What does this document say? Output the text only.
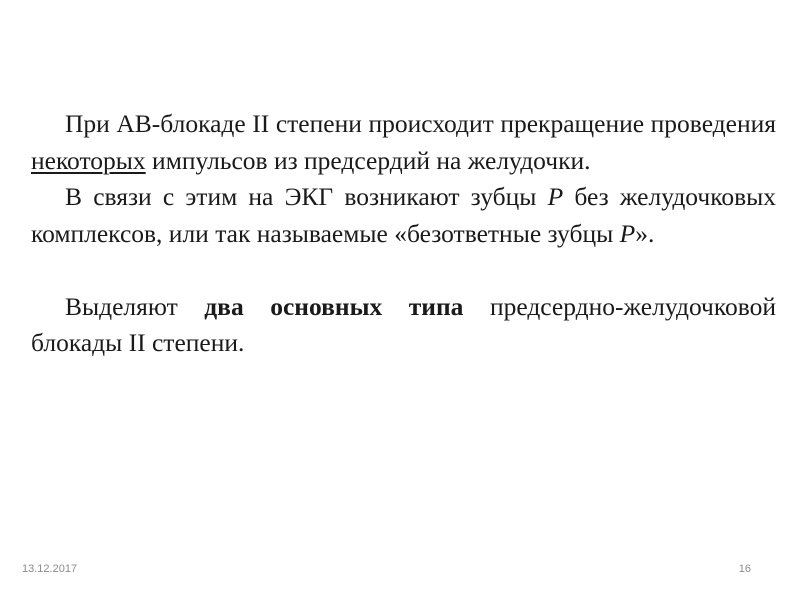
При АВ-блокаде II степени происходит прекращение проведения некоторых импульсов из предсердий на желудочки.

В связи с этим на ЭКГ возникают зубцы Р без желудочковых комплексов, или так называемые «безответные зубцы Р».

Выделяют два основных типа предсердно-желудочковой блокады II степени.

13.12.2017	16
